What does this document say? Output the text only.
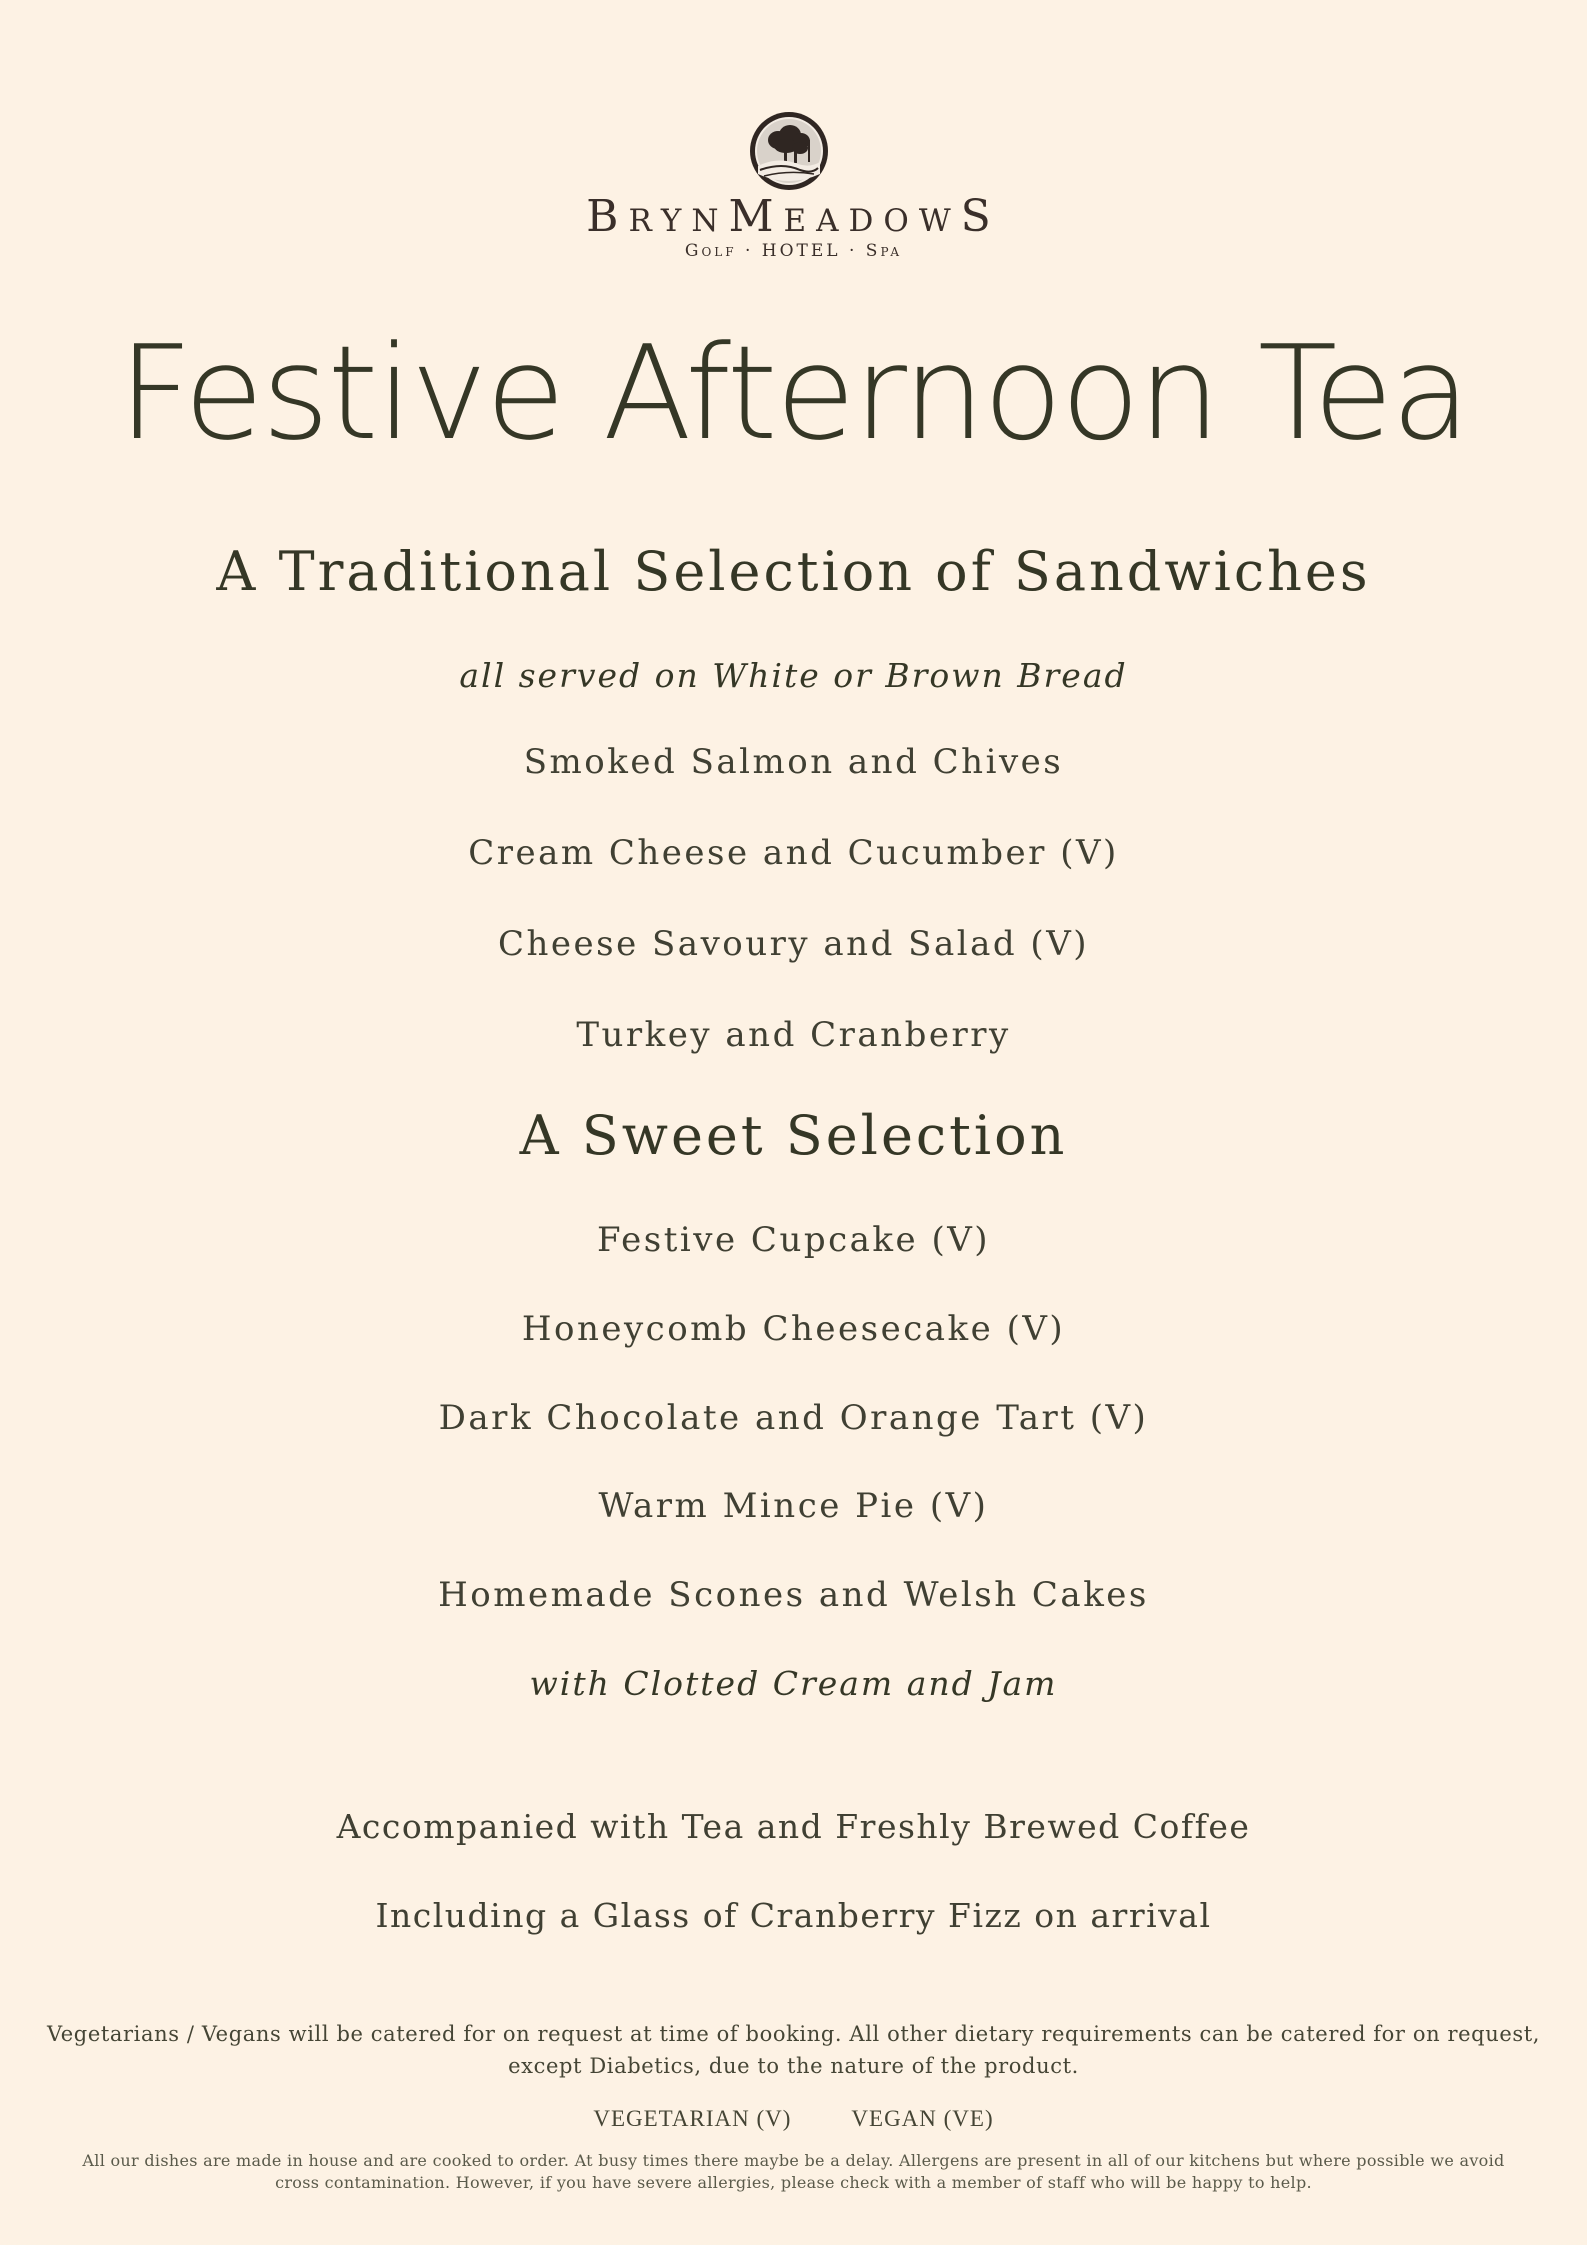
BrynMeadowS
Golf · HOTEL · Spa
Festive Afternoon Tea
A Traditional Selection of Sandwiches
all served on White or Brown Bread
Smoked Salmon and Chives
Cream Cheese and Cucumber (V)
Cheese Savoury and Salad (V)
Turkey and Cranberry
A Sweet Selection
Festive Cupcake (V)
Honeycomb Cheesecake (V)
Dark Chocolate and Orange Tart (V)
Warm Mince Pie (V)
Homemade Scones and Welsh Cakes
with Clotted Cream and Jam
Accompanied with Tea and Freshly Brewed Coffee
Including a Glass of Cranberry Fizz on arrival
Vegetarians / Vegans will be catered for on request at time of booking. All other dietary requirements can be catered for on request, except Diabetics, due to the nature of the product.
VEGETARIAN (V)	VEGAN (VE)
All our dishes are made in house and are cooked to order. At busy times there maybe be a delay. Allergens are present in all of our kitchens but where possible we avoid cross contamination. However, if you have severe allergies, please check with a member of staff who will be happy to help.
